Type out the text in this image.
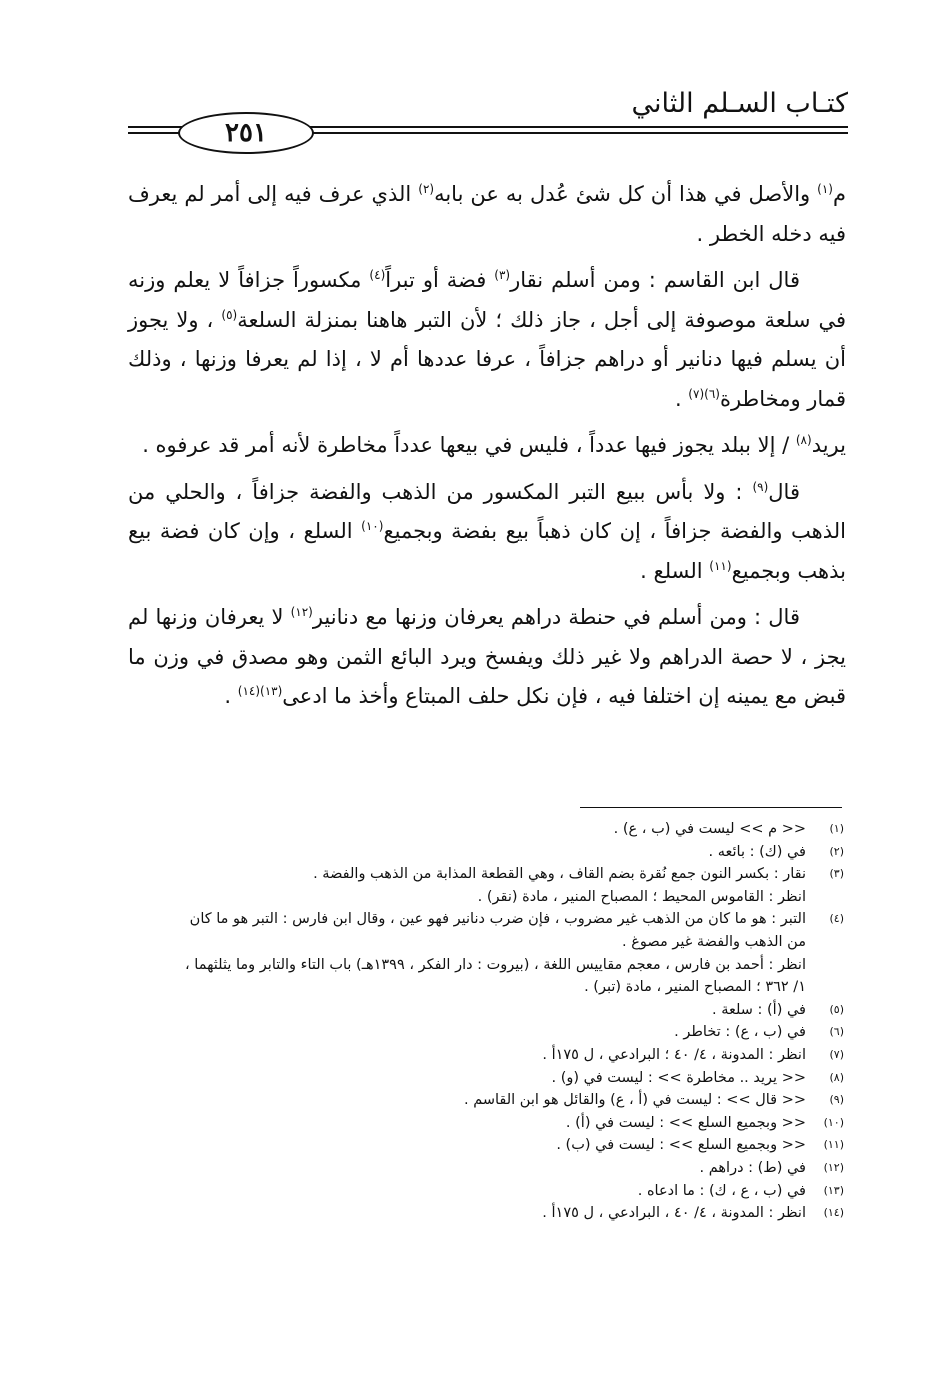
٢٥١
كتـاب السـلم الثاني

م$^{(١)}$ والأصل في هذا أن كل شئ عُدل به عن بابه$^{(٢)}$ الذي عرف فيه إلى أمر لم يعرف فيه دخله الخطر .

قال ابن القاسم : ومن أسلم نقار$^{(٣)}$ فضة أو تبراً$^{(٤)}$ مكسوراً جزافاً لا يعلم وزنه في سلعة موصوفة إلى أجل ، جاز ذلك ؛ لأن التبر هاهنا بمنزلة السلعة$^{(٥)}$ ، ولا يجوز أن يسلم فيها دنانير أو دراهم جزافاً ، عرفا عددها أم لا ، إذا لم يعرفا وزنها ، وذلك قمار ومخاطرة$^{(٦)(٧)}$ .

يريد$^{(٨)}$ / إلا ببلد يجوز فيها عدداً ، فليس في بيعها عدداً مخاطرة لأنه أمر قد عرفوه .

قال$^{(٩)}$ : ولا بأس ببيع التبر المكسور من الذهب والفضة جزافاً ، والحلي من الذهب والفضة جزافاً ، إن كان ذهباً بيع بفضة وبجميع$^{(١٠)}$ السلع ، وإن كان فضة بيع بذهب وبجميع$^{(١١)}$ السلع .

قال : ومن أسلم في حنطة دراهم يعرفان وزنها مع دنانير$^{(١٢)}$ لا يعرفان وزنها لم يجز ، لا حصة الدراهم ولا غير ذلك ويفسخ ويرد البائع الثمن وهو مصدق في وزن ما قبض مع يمينه إن اختلفا فيه ، فإن نكل حلف المبتاع وأخذ ما ادعى$^{(١٣)(١٤)}$ .

(١)
<< م >> ليست في (ب ، ع) .
(٢)
في (ك) : بائعه .
(٣)
نقار : بكسر النون جمع نُقرة بضم القاف ، وهي القطعة المذابة من الذهب والفضة .
انظر : القاموس المحيط ؛ المصباح المنير ، مادة (نقر) .
(٤)
التبر : هو ما كان من الذهب غير مضروب ، فإن ضرب دنانير فهو عين ، وقال ابن فارس : التبر هو ما كان من الذهب والفضة غير مصوغ .
انظر : أحمد بن فارس ، معجم مقاييس اللغة ، (بيروت : دار الفكر ، ١٣٩٩هـ) باب التاء والتابر وما يثلثهما ، ١/ ٣٦٢ ؛ المصباح المنير ، مادة (تبر) .
(٥)
في (أ) : سلعة .
(٦)
في (ب ، ع) : تخاطر .
(٧)
انظر : المدونة ، ٤/ ٤٠ ؛ البرادعي ، ل ١٧٥أ .
(٨)
<< يريد .. مخاطرة >> : ليست في (و) .
(٩)
<< قال >> : ليست في (أ ، ع) والقائل هو ابن القاسم .
(١٠)
<< وبجميع السلع >> : ليست في (أ) .
(١١)
<< وبجميع السلع >> : ليست في (ب) .
(١٢)
في (ط) : دراهم .
(١٣)
في (ب ، ع ، ك) : ما ادعاه .
(١٤)
انظر : المدونة ، ٤/ ٤٠ ، البرادعي ، ل ١٧٥أ .
